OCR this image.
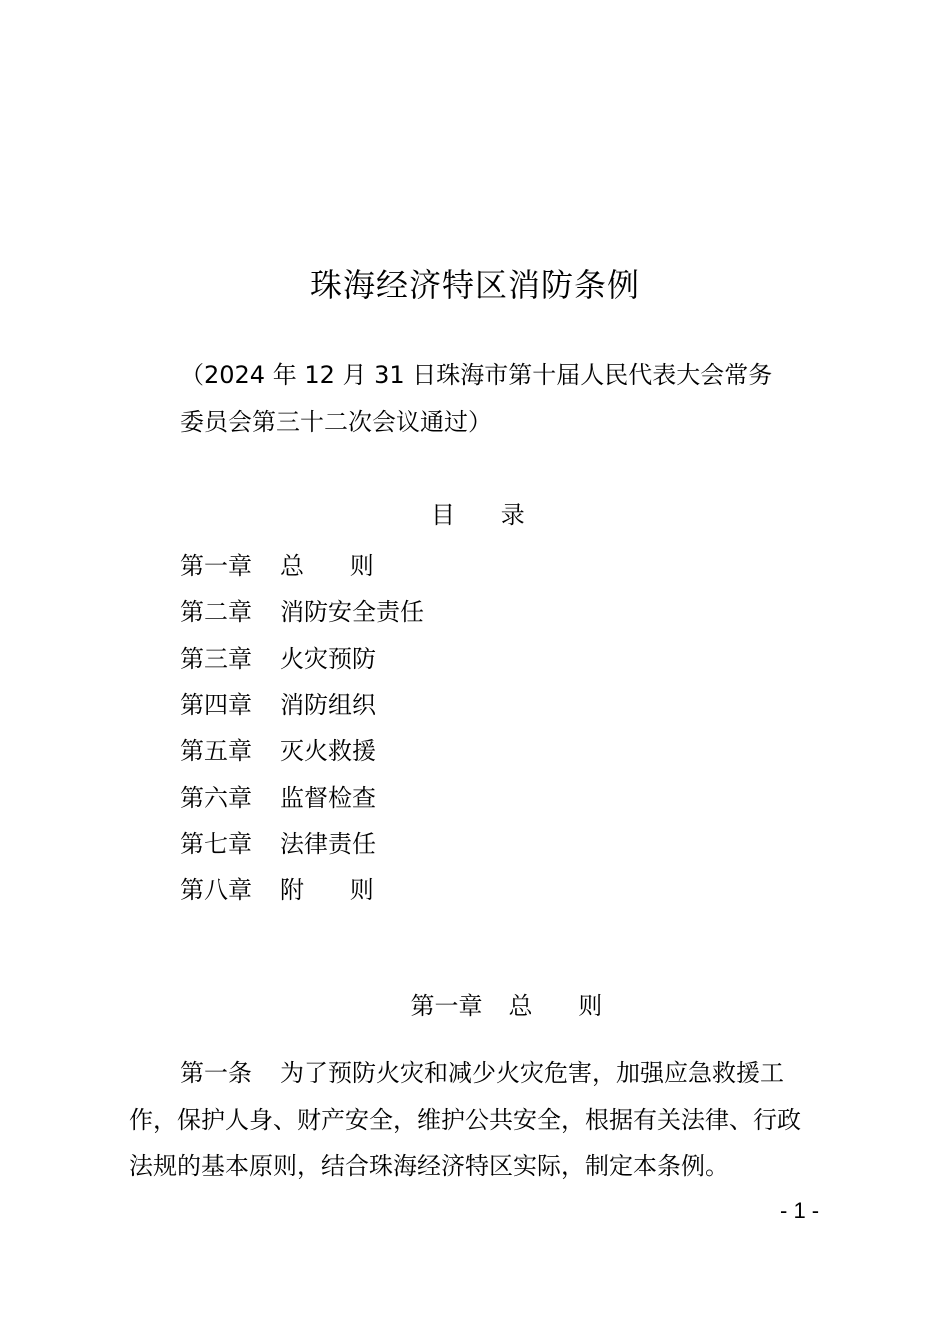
珠海经济特区消防条例
（2024 年 12 月 31 日珠海市第十届人民代表大会常务
委员会第三十二次会议通过）
目      录
第一章	总      则
第二章	消防安全责任
第三章	火灾预防
第四章	消防组织
第五章	灭火救援
第六章	监督检查
第七章	法律责任
第八章	附      则

第一章 总      则

第一条 为了预防火灾和减少火灾危害，加强应急救援工
作，保护人身、财产安全，维护公共安全，根据有关法律、行政
法规的基本原则，结合珠海经济特区实际，制定本条例。
- 1 -
